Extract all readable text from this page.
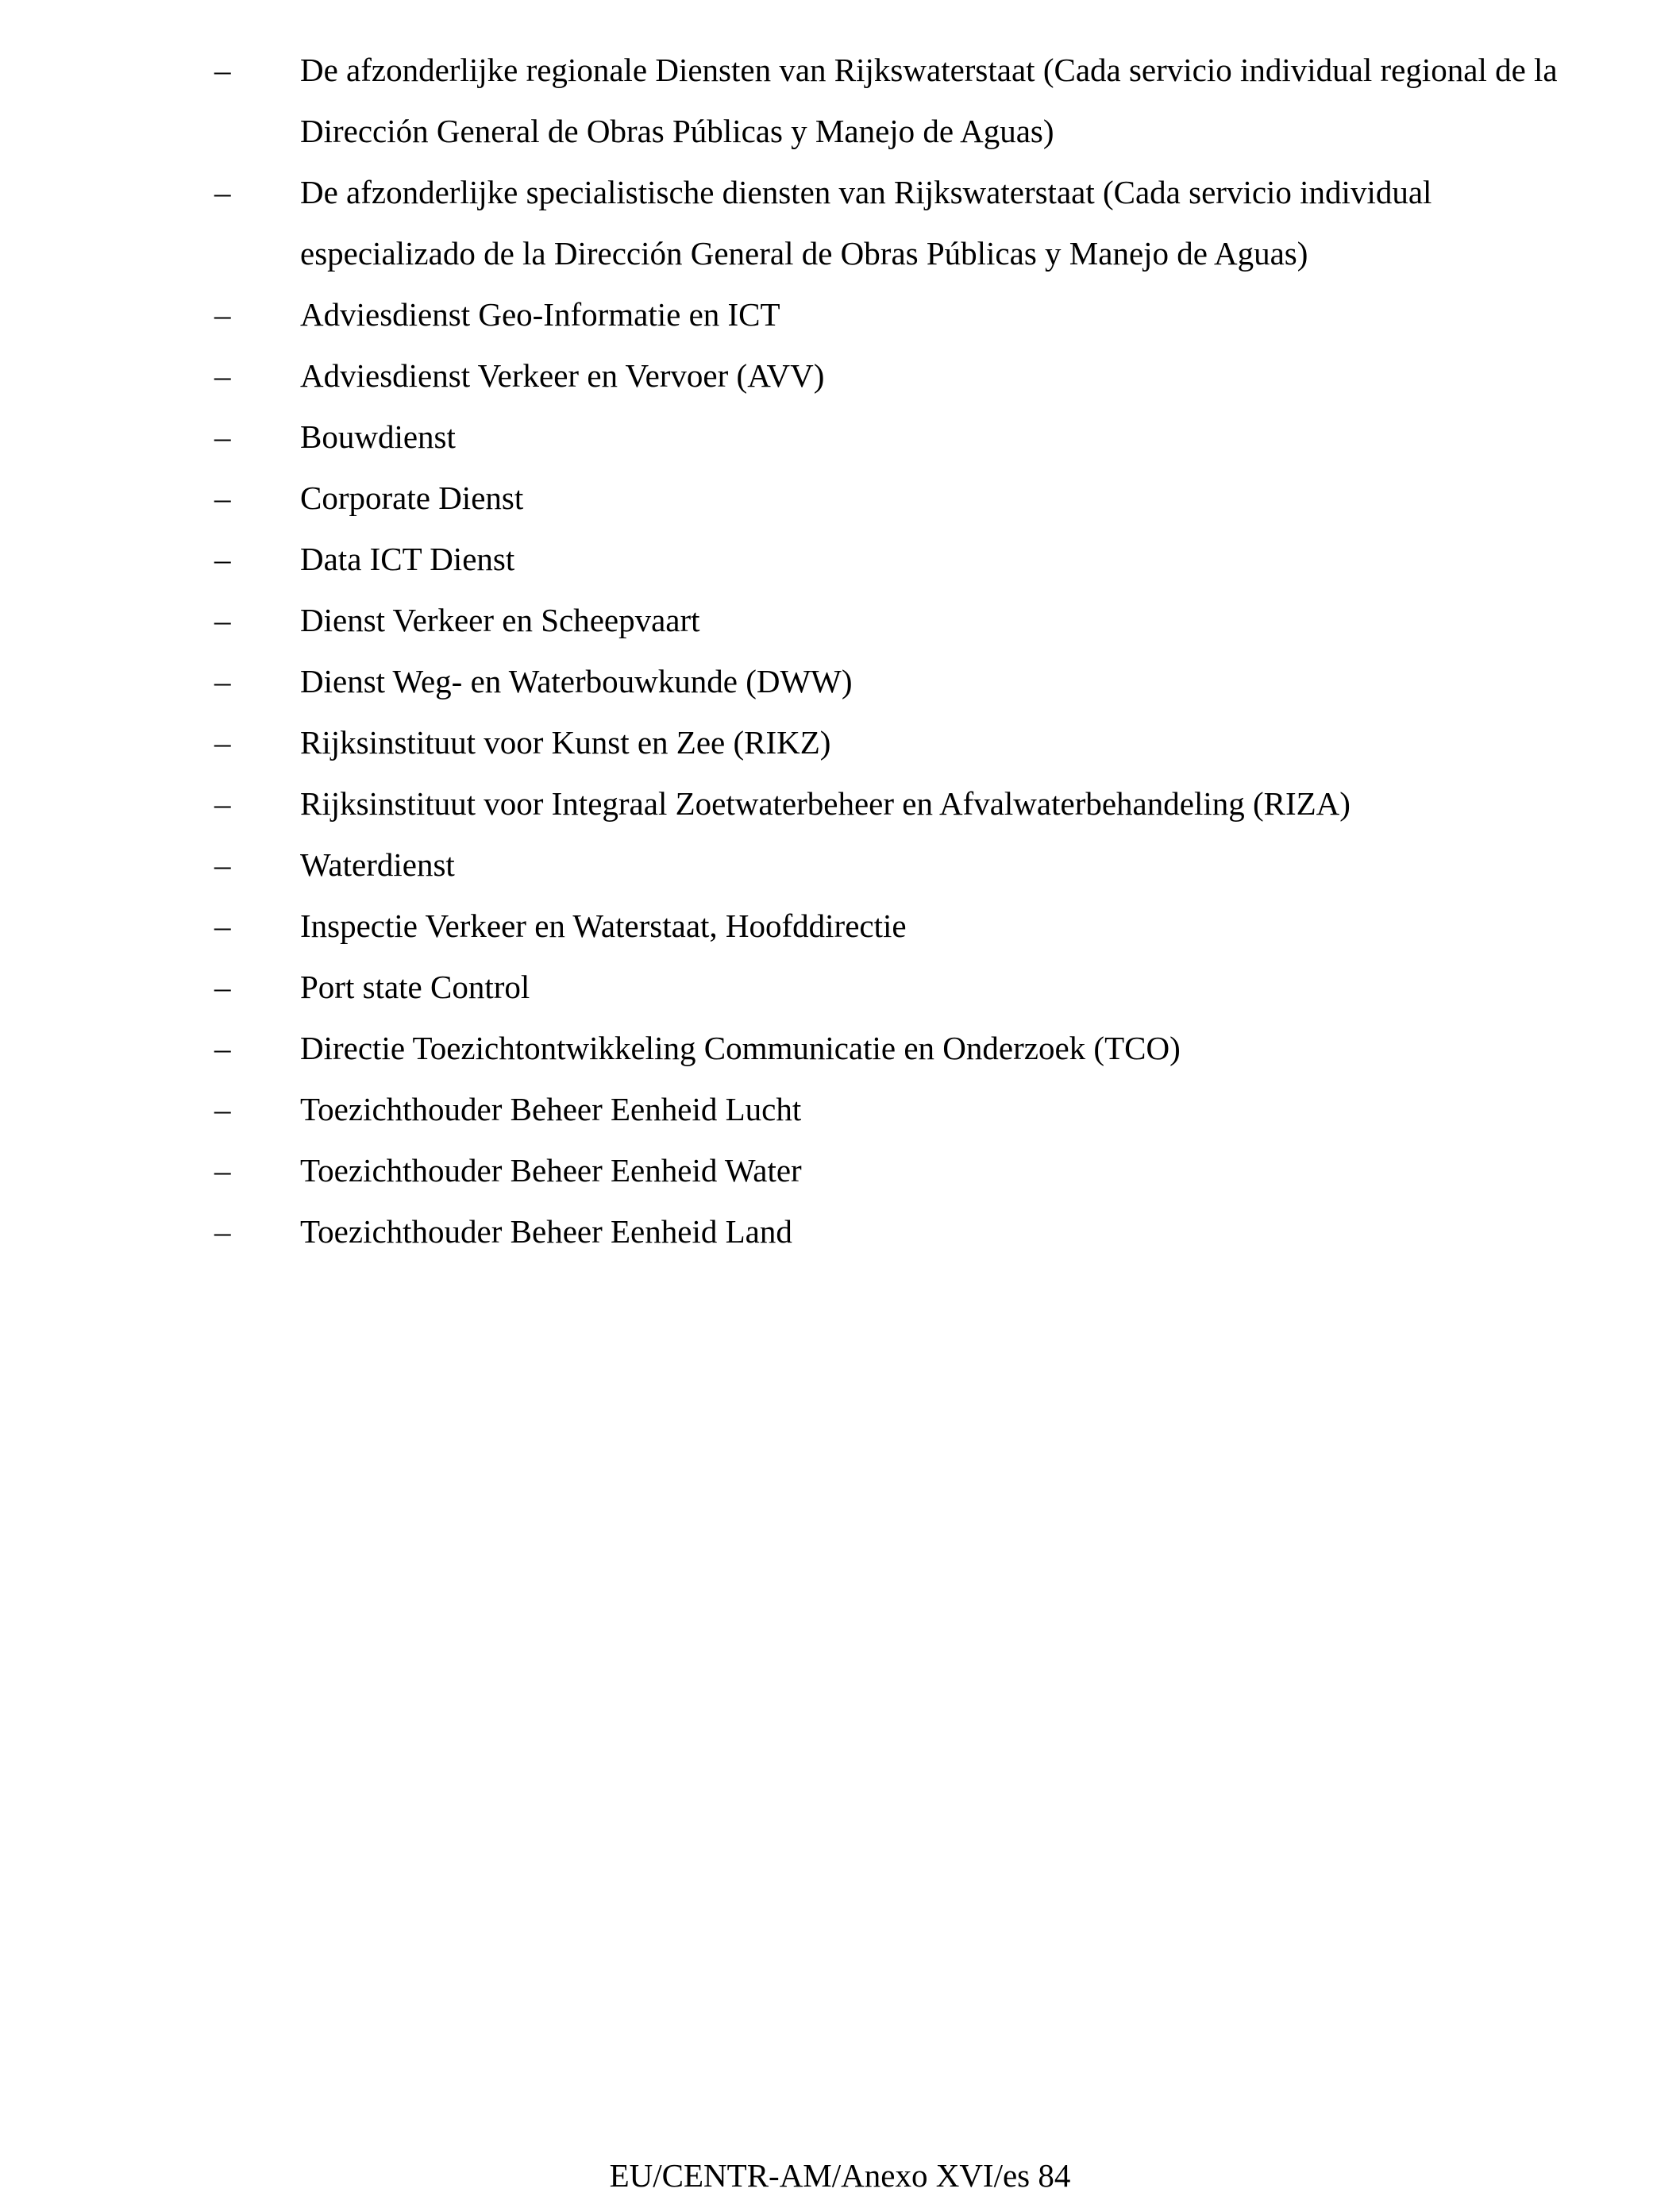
–	De afzonderlijke regionale Diensten van Rijkswaterstaat (Cada servicio individual regional de la Dirección General de Obras Públicas y Manejo de Aguas)
–	De afzonderlijke specialistische diensten van Rijkswaterstaat (Cada servicio individual especializado de la Dirección General de Obras Públicas y Manejo de Aguas)
–	Adviesdienst Geo-Informatie en ICT
–	Adviesdienst Verkeer en Vervoer (AVV)
–	Bouwdienst
–	Corporate Dienst
–	Data ICT Dienst
–	Dienst Verkeer en Scheepvaart
–	Dienst Weg- en Waterbouwkunde (DWW)
–	Rijksinstituut voor Kunst en Zee (RIKZ)
–	Rijksinstituut voor Integraal Zoetwaterbeheer en Afvalwaterbehandeling (RIZA)
–	Waterdienst
–	Inspectie Verkeer en Waterstaat, Hoofddirectie
–	Port state Control
–	Directie Toezichtontwikkeling Communicatie en Onderzoek (TCO)
–	Toezichthouder Beheer Eenheid Lucht
–	Toezichthouder Beheer Eenheid Water
–	Toezichthouder Beheer Eenheid Land
EU/CENTR-AM/Anexo XVI/es 84
